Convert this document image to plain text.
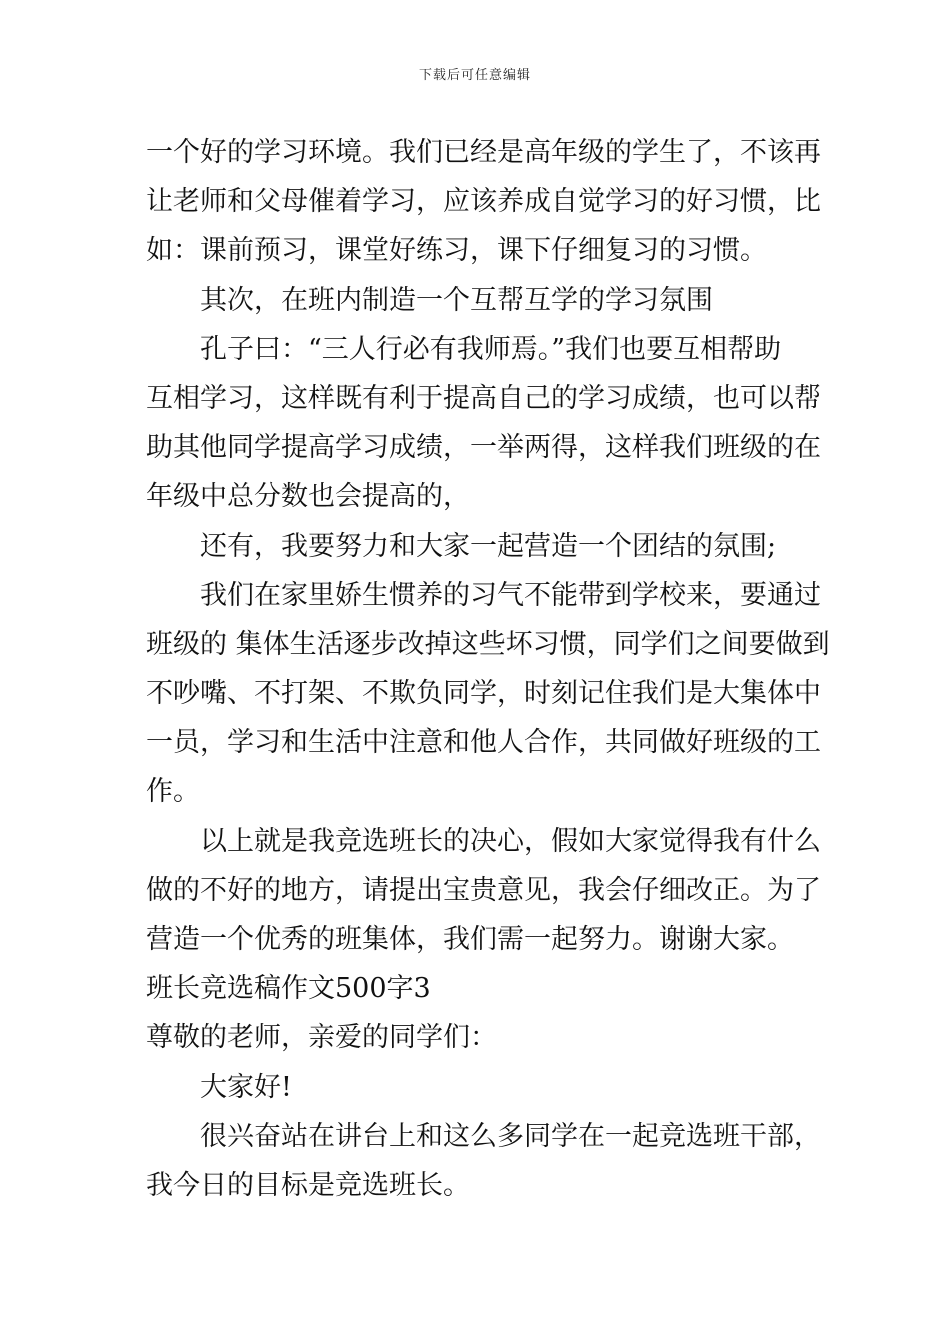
下载后可任意编辑
一个好的学习环境。我们已经是高年级的学生了，不该再
让老师和父母催着学习，应该养成自觉学习的好习惯，比
如：课前预习，课堂好练习，课下仔细复习的习惯。
其次，在班内制造一个互帮互学的学习氛围
孔子曰：“三人行必有我师焉。”我们也要互相帮助
互相学习，这样既有利于提高自己的学习成绩，也可以帮
助其他同学提高学习成绩，一举两得，这样我们班级的在
年级中总分数也会提高的，
还有，我要努力和大家一起营造一个团结的氛围;
我们在家里娇生惯养的习气不能带到学校来，要通过
班级的 集体生活逐步改掉这些坏习惯，同学们之间要做到
不吵嘴、不打架、不欺负同学，时刻记住我们是大集体中
一员，学习和生活中注意和他人合作，共同做好班级的工
作。
以上就是我竞选班长的决心，假如大家觉得我有什么
做的不好的地方，请提出宝贵意见，我会仔细改正。为了
营造一个优秀的班集体，我们需一起努力。谢谢大家。
班长竞选稿作文500字3
尊敬的老师，亲爱的同学们：
大家好!
很兴奋站在讲台上和这么多同学在一起竞选班干部，
我今日的目标是竞选班长。
